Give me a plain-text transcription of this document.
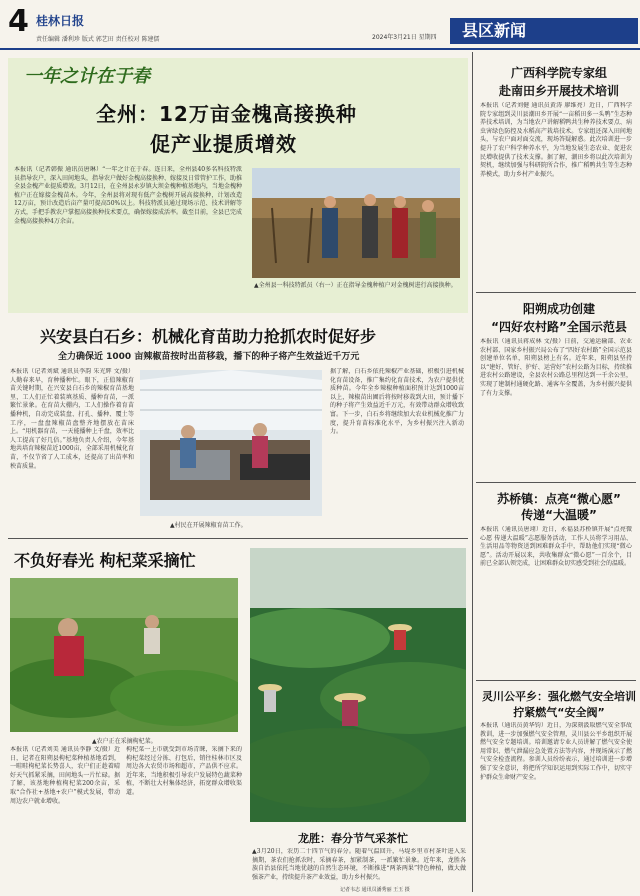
4 桂林日报
责任编辑 潘利珍 版式 郭艺田 责任校对 陈建儒	2024年3月21日 星期四	县区新闻
一年之计在于春
全州：12万亩金槐高接换种
促产业提质增效
本报讯（记者韩振 通讯员唐琳）“一年之计在于春。连日来，全州县40多名科技特派员指导农户，深入田间地头，指导农户做好金槐高接换种、嫁接及日常管护工作，助推全县金槐产业提质增效。3月12日，在全州县永岁镇大坝金槐种植基地内，当地金槐种植户正在嫁接金槐苗木。今年，全州县将对现有低产金槐树开展高接换种，计划改造12万亩，预计改造后亩产量可提高50%以上。科技特派员通过现场示范、技术讲解等方式，手把手教农户掌握高接换种技术要点，确保嫁接成活率。截至目前，全县已完成金槐高接换种4万余亩。
▲全州县一科技特派员（右一）正在指导金槐种植户对金槐树进行高接换种。
兴安县白石乡：机械化育苗助力抢抓农时促好步
全力确保近 1000 亩辣椒苗按时出苗移栽，播下的种子将产生效益近千万元
本报讯（记者刘斌 通讯员李韵 朱光辉 文/摄）人勤春来早，育种播种忙。眼下，正值辣椒育苗关键时期，在兴安县白石乡的辣椒育苗基地里，工人们正忙着装填基质、播种育苗，一派繁忙景象。在育苗大棚内，工人们操作着育苗播种机，自动完成装盘、打孔、播种、覆土等工序，一盘盘辣椒苗盘整齐地摆放在苗床上。“用机器育苗，一天能播种上千盘，效率比人工提高了好几倍。”基地负责人介绍，今年基地共培育辣椒苗近1000亩，全部采用机械化育苗，不仅节省了人工成本，还提高了出苗率和秧苗质量。
▲村民在开展辣椒育苗工作。
据了解，白石乡依托辣椒产业基础，积极引进机械化育苗设备，推广集约化育苗技术，为农户提供优质种苗。今年全乡辣椒种植面积预计达到1000亩以上，辣椒苗出圃后将按时移栽到大田，预计播下的种子将产生效益近千万元，有效带动群众增收致富。下一步，白石乡将继续加大农业机械化推广力度，提升育苗标准化水平，为乡村振兴注入新动力。
不负好春光 枸杞菜采摘忙
▲农户正在采摘枸杞菜。
本报讯（记者刘美 通讯员李静 文/摄）近日，记者在阳朔县枸杞菜种植基地看到，一畦畦枸杞菜长势喜人，农户们正趁着晴好天气抓紧采摘，田间地头一片忙碌。据了解，该基地种植枸杞菜200余亩，采取“合作社+基地+农户”模式发展，带动周边农户就业增收。
枸杞菜一上市就受到市场青睐，采摘下来的枸杞菜经过分拣、打包后，销往桂林市区及周边各大农贸市场和超市，产品供不应求。近年来，当地积极引导农户发展特色蔬菜种植，不断壮大村集体经济，拓宽群众增收渠道。
龙胜：春分节气采茶忙
▲3月20日，农历二十四节气的春分。随着气温回升，马堤乡里市村茶叶进入采摘期，茶农们抢抓农时，采摘春茶，加紧制茶，一派繁忙景象。近年来，龙胜各族自治县依托当地优越的自然生态环境，不断推进“两茶两果”特色种植，做大做强茶产业，持续提升茶产业效益，助力乡村振兴。
记者韦志 通讯员潘秀丽 王玉 摄
广西科学院专家组
赴南田乡开展技术培训
本报讯（记者刘健 通讯员黄涛 廖维亮）近日，广西科学院专家组到灵川县潮田乡开展“一亩稻田多一头鸭”生态种养技术培训，为当地农户讲解稻鸭共生种养技术要点、病虫害绿色防控及水稻高产栽培技术。专家组还深入田间地头，与农户面对面交流，现场答疑解惑。此次培训进一步提升了农户科学种养水平，为当地发展生态农业、促进农民增收提供了技术支撑。据了解，潮田乡将以此次培训为契机，继续加强与科研院所合作，推广稻鸭共生等生态种养模式，助力乡村产业振兴。
阳朔成功创建
“四好农村路”全国示范县
本报讯（通讯员蒋成林 文/摄）日前，交通运输部、农业农村部、国家乡村振兴局公布了“四好农村路”全国示范县创建单位名单，阳朔县榜上有名。近年来，阳朔县坚持以“建好、管好、护好、运营好”农村公路为目标，持续推进农村公路建设，全县农村公路总里程达到一千余公里，实现了建制村通硬化路、通客车全覆盖，为乡村振兴提供了有力支撑。
苏桥镇：点亮“微心愿”
传递“大温暖”
本报讯（通讯员唐翊）近日，永福县苏桥镇开展“点亮微心愿 传递大温暖”志愿服务活动，工作人员将学习用品、生活用品等物资送到困难群众手中，帮助他们实现“微心愿”。活动开展以来，共收集群众“微心愿”一百余个，目前已全部认领完成，让困难群众切实感受到社会的温暖。
灵川公平乡：强化燃气安全培训
拧紧燃气“安全阀”
本报讯（通讯员黄华钧）近日，为深刻汲取燃气安全事故教训，进一步加强燃气安全管理，灵川县公平乡组织开展燃气安全专题培训。培训邀请专业人员讲解了燃气安全使用常识、燃气泄漏应急处置方法等内容，并现场演示了燃气安全检查流程。参训人员纷纷表示，通过培训进一步增强了安全意识，将把所学知识运用到实际工作中，切实守护群众生命财产安全。
